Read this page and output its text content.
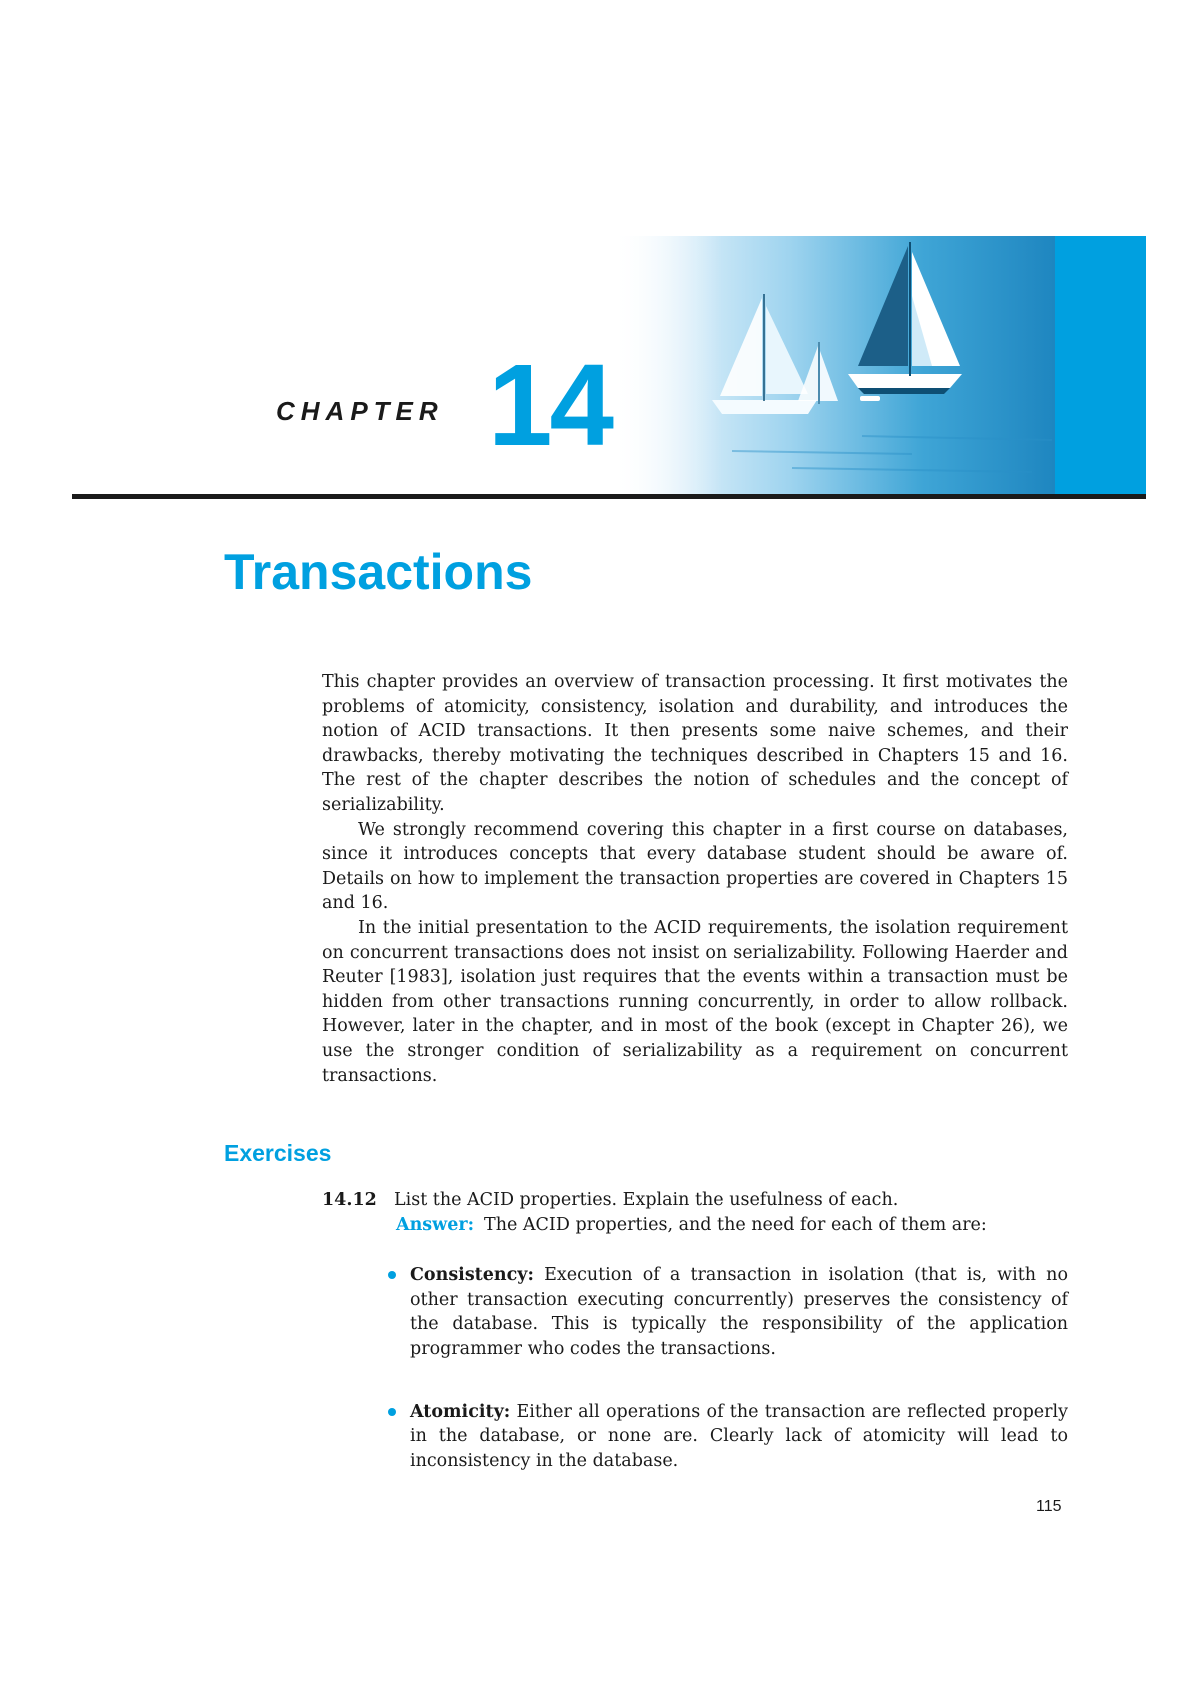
CHAPTER 14
Transactions

This chapter provides an overview of transaction processing. It first motivates the problems of atomicity, consistency, isolation and durability, and introduces the notion of ACID transactions. It then presents some naive schemes, and their drawbacks, thereby motivating the techniques described in Chapters 15 and 16. The rest of the chapter describes the notion of schedules and the concept of serializability.

We strongly recommend covering this chapter in a first course on databases, since it introduces concepts that every database student should be aware of. Details on how to implement the transaction properties are covered in Chapters 15 and 16.

In the initial presentation to the ACID requirements, the isolation requirement on concurrent transactions does not insist on serializability. Following Haerder and Reuter [1983], isolation just requires that the events within a transaction must be hidden from other transactions running concurrently, in order to allow rollback. However, later in the chapter, and in most of the book (except in Chapter 26), we use the stronger condition of serializability as a requirement on concurrent transactions.

Exercises
14.12 List the ACID properties. Explain the usefulness of each.
Answer: The ACID properties, and the need for each of them are:
Consistency: Execution of a transaction in isolation (that is, with no other transaction executing concurrently) preserves the consistency of the database. This is typically the responsibility of the application programmer who codes the transactions.
Atomicity: Either all operations of the transaction are reflected properly in the database, or none are. Clearly lack of atomicity will lead to inconsistency in the database.
115
